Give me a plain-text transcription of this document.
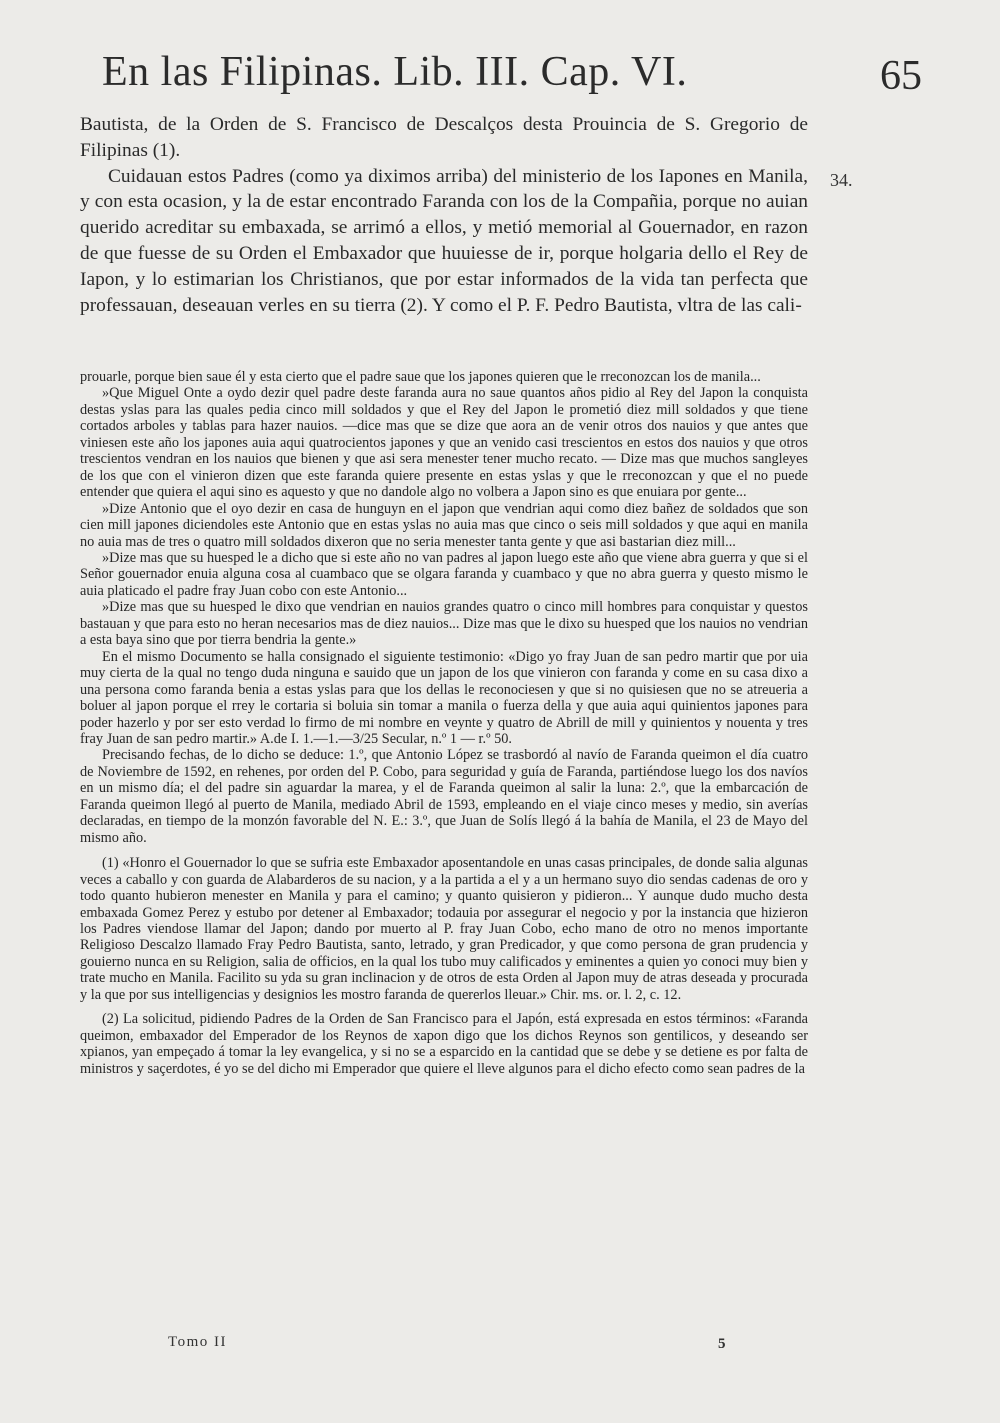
En las Filipinas. Lib. III. Cap. VI.	65
34.

Bautista, de la Orden de S. Francisco de Descalços desta Prouincia de S. Gregorio de Filipinas (1).

Cuidauan estos Padres (como ya diximos arriba) del ministerio de los Iapones en Manila, y con esta ocasion, y la de estar encontrado Faranda con los de la Compañia, porque no auian querido acreditar su embaxada, se arrimó a ellos, y metió memorial al Gouernador, en razon de que fuesse de su Orden el Embaxador que huuiesse de ir, porque holgaria dello el Rey de Iapon, y lo estimarian los Christianos, que por estar informados de la vida tan perfecta que professauan, deseauan verles en su tierra (2). Y como el P. F. Pedro Bautista, vltra de las cali-

prouarle, porque bien saue él y esta cierto que el padre saue que los japones quieren que le rreconozcan los de manila...

»Que Miguel Onte a oydo dezir quel padre deste faranda aura no saue quantos años pidio al Rey del Japon la conquista destas yslas para las quales pedia cinco mill soldados y que el Rey del Japon le prometió diez mill soldados y que tiene cortados arboles y tablas para hazer nauios. —dice mas que se dize que aora an de venir otros dos nauios y que antes que viniesen este año los japones auia aqui quatrocientos japones y que an venido casi trescientos en estos dos nauios y que otros trescientos vendran en los nauios que bienen y que asi sera menester tener mucho recato. — Dize mas que muchos sangleyes de los que con el vinieron dizen que este faranda quiere presente en estas yslas y que le rreconozcan y que el no puede entender que quiera el aqui sino es aquesto y que no dandole algo no volbera a Japon sino es que enuiara por gente...

»Dize Antonio que el oyo dezir en casa de hunguyn en el japon que vendrian aqui como diez bañez de soldados que son cien mill japones diciendoles este Antonio que en estas yslas no auia mas que cinco o seis mill soldados y que aqui en manila no auia mas de tres o quatro mill soldados dixeron que no seria menester tanta gente y que asi bastarian diez mill...

»Dize mas que su huesped le a dicho que si este año no van padres al japon luego este año que viene abra guerra y que si el Señor gouernador enuia alguna cosa al cuambaco que se olgara faranda y cuambaco y que no abra guerra y questo mismo le auia platicado el padre fray Juan cobo con este Antonio...

»Dize mas que su huesped le dixo que vendrian en nauios grandes quatro o cinco mill hombres para conquistar y questos bastauan y que para esto no heran necesarios mas de diez nauios... Dize mas que le dixo su huesped que los nauios no vendrian a esta baya sino que por tierra bendria la gente.»

En el mismo Documento se halla consignado el siguiente testimonio: «Digo yo fray Juan de san pedro martir que por uia muy cierta de la qual no tengo duda ninguna e sauido que un japon de los que vinieron con faranda y come en su casa dixo a una persona como faranda benia a estas yslas para que los dellas le reconociesen y que si no quisiesen que no se atreueria a boluer al japon porque el rrey le cortaria si boluia sin tomar a manila o fuerza della y que auia aqui quinientos japones para poder hazerlo y por ser esto verdad lo firmo de mi nombre en veynte y quatro de Abrill de mill y quinientos y nouenta y tres fray Juan de san pedro martir.» A.de I. 1.—1.—3/25 Secular, n.º 1 — r.º 50.

Precisando fechas, de lo dicho se deduce: 1.º, que Antonio López se trasbordó al navío de Faranda queimon el día cuatro de Noviembre de 1592, en rehenes, por orden del P. Cobo, para seguridad y guía de Faranda, partiéndose luego los dos navíos en un mismo día; el del padre sin aguardar la marea, y el de Faranda queimon al salir la luna: 2.º, que la embarcación de Faranda queimon llegó al puerto de Manila, mediado Abril de 1593, empleando en el viaje cinco meses y medio, sin averías declaradas, en tiempo de la monzón favorable del N. E.: 3.º, que Juan de Solís llegó á la bahía de Manila, el 23 de Mayo del mismo año.

(1) «Honro el Gouernador lo que se sufria este Embaxador aposentandole en unas casas principales, de donde salia algunas veces a caballo y con guarda de Alabarderos de su nacion, y a la partida a el y a un hermano suyo dio sendas cadenas de oro y todo quanto hubieron menester en Manila y para el camino; y quanto quisieron y pidieron... Y aunque dudo mucho desta embaxada Gomez Perez y estubo por detener al Embaxador; todauia por assegurar el negocio y por la instancia que hizieron los Padres viendose llamar del Japon; dando por muerto al P. fray Juan Cobo, echo mano de otro no menos importante Religioso Descalzo llamado Fray Pedro Bautista, santo, letrado, y gran Predicador, y que como persona de gran prudencia y gouierno nunca en su Religion, salia de officios, en la qual los tubo muy calificados y eminentes a quien yo conoci muy bien y trate mucho en Manila. Facilito su yda su gran inclinacion y de otros de esta Orden al Japon muy de atras deseada y procurada y la que por sus intelligencias y designios les mostro faranda de quererlos lleuar.» Chir. ms. or. l. 2, c. 12.

(2) La solicitud, pidiendo Padres de la Orden de San Francisco para el Japón, está expresada en estos términos: «Faranda queimon, embaxador del Emperador de los Reynos de xapon digo que los dichos Reynos son gentilicos, y deseando ser xpianos, yan empeçado á tomar la ley evangelica, y si no se a esparcido en la cantidad que se debe y se detiene es por falta de ministros y saçerdotes, é yo se del dicho mi Emperador que quiere el lleve algunos para el dicho efecto como sean padres de la

Tomo II	5
